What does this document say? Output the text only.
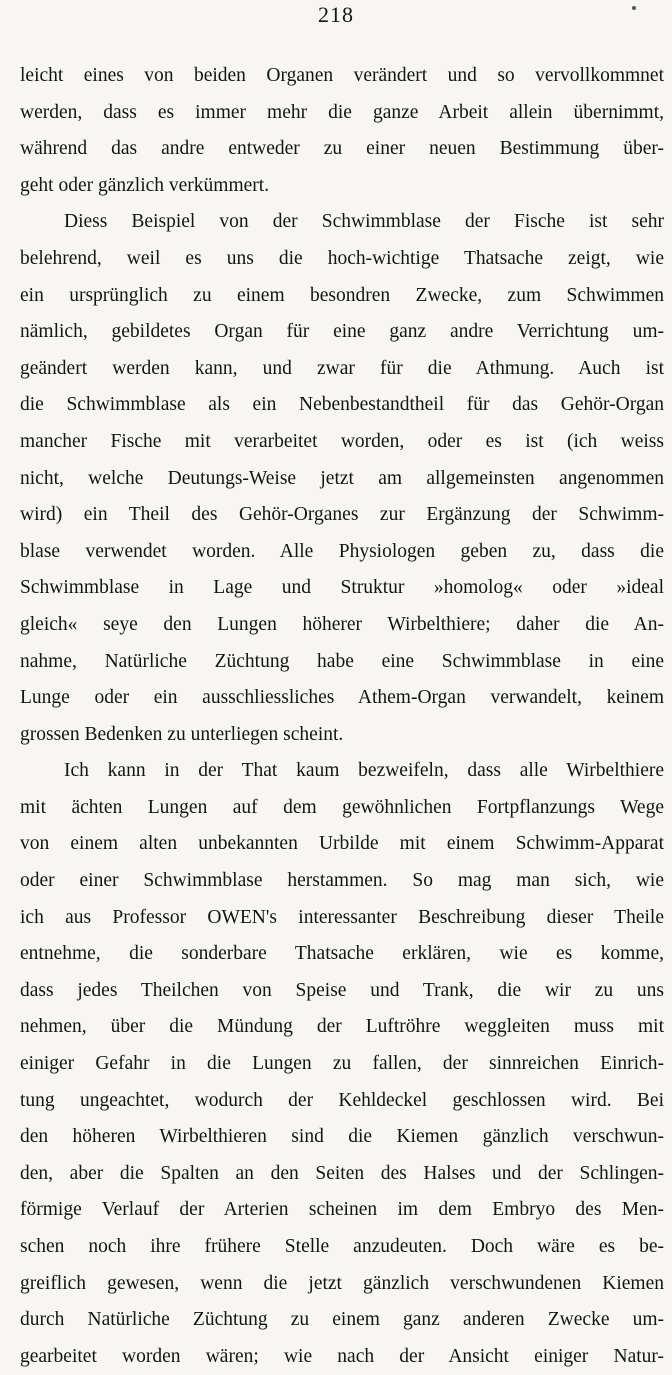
218
leicht eines von beiden Organen verändert und so vervollkommnet
werden, dass es immer mehr die ganze Arbeit allein übernimmt,
während das andre entweder zu einer neuen Bestimmung über-
geht oder gänzlich verkümmert.
Diess Beispiel von der Schwimmblase der Fische ist sehr
belehrend, weil es uns die hoch-wichtige Thatsache zeigt, wie
ein ursprünglich zu einem besondren Zwecke, zum Schwimmen
nämlich, gebildetes Organ für eine ganz andre Verrichtung um-
geändert werden kann, und zwar für die Athmung. Auch ist
die Schwimmblase als ein Nebenbestandtheil für das Gehör-Organ
mancher Fische mit verarbeitet worden, oder es ist (ich weiss
nicht, welche Deutungs-Weise jetzt am allgemeinsten angenommen
wird) ein Theil des Gehör-Organes zur Ergänzung der Schwimm-
blase verwendet worden. Alle Physiologen geben zu, dass die
Schwimmblase in Lage und Struktur »homolog« oder »ideal
gleich« seye den Lungen höherer Wirbelthiere; daher die An-
nahme, Natürliche Züchtung habe eine Schwimmblase in eine
Lunge oder ein ausschliessliches Athem-Organ verwandelt, keinem
grossen Bedenken zu unterliegen scheint.
Ich kann in der That kaum bezweifeln, dass alle Wirbelthiere
mit ächten Lungen auf dem gewöhnlichen Fortpflanzungs Wege
von einem alten unbekannten Urbilde mit einem Schwimm-Apparat
oder einer Schwimmblase herstammen. So mag man sich, wie
ich aus Professor OWEN's interessanter Beschreibung dieser Theile
entnehme, die sonderbare Thatsache erklären, wie es komme,
dass jedes Theilchen von Speise und Trank, die wir zu uns
nehmen, über die Mündung der Luftröhre weggleiten muss mit
einiger Gefahr in die Lungen zu fallen, der sinnreichen Einrich-
tung ungeachtet, wodurch der Kehldeckel geschlossen wird. Bei
den höheren Wirbelthieren sind die Kiemen gänzlich verschwun-
den, aber die Spalten an den Seiten des Halses und der Schlingen-
förmige Verlauf der Arterien scheinen im dem Embryo des Men-
schen noch ihre frühere Stelle anzudeuten. Doch wäre es be-
greiflich gewesen, wenn die jetzt gänzlich verschwundenen Kiemen
durch Natürliche Züchtung zu einem ganz anderen Zwecke um-
gearbeitet worden wären; wie nach der Ansicht einiger Natur-
